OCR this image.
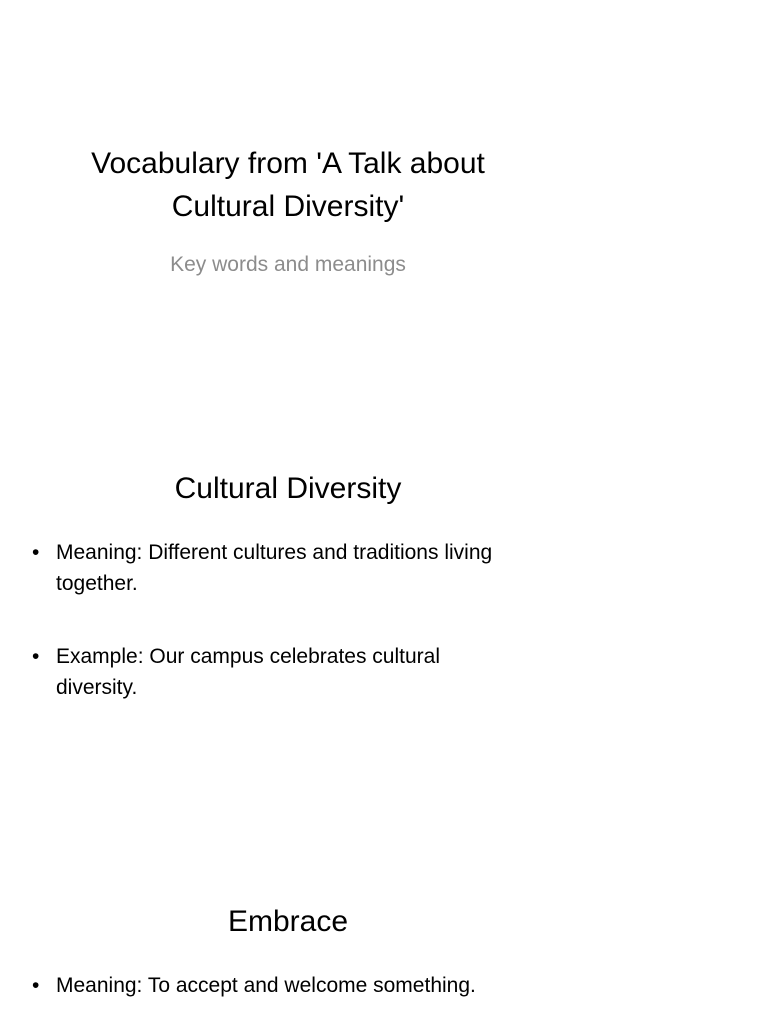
Vocabulary from 'A Talk about Cultural Diversity'
Key words and meanings
Cultural Diversity
• Meaning: Different cultures and traditions living together.
• Example: Our campus celebrates cultural diversity.
Embrace
• Meaning: To accept and welcome something.
